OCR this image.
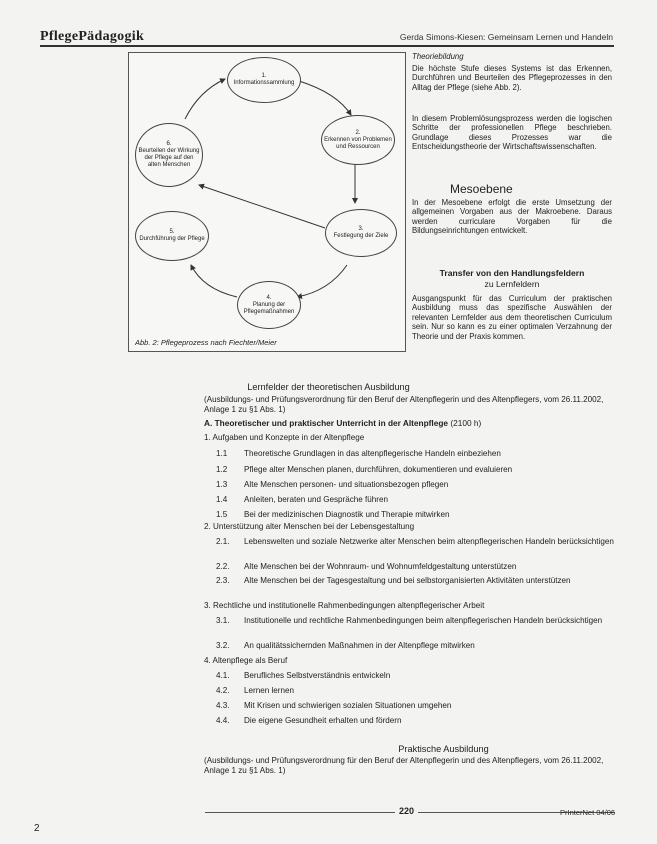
PflegePädagogik	Gerda Simons-Kiesen: Gemeinsam Lernen und Handeln
1.
Informationssammlung
2.
Erkennen von Problemen und Ressourcen
3.
Festlegung der Ziele
4.
Planung der Pflegemaßnahmen
5.
Durchführung der Pflege
6.
Beurteilen der Wirkung der Pflege auf den alten Menschen
Abb. 2: Pflegeprozess nach Fiechter/Meier
Theoriebildung
Die höchste Stufe dieses Systems ist das Erkennen, Durchführen und Beurteilen des Pflegeprozesses in den Alltag der Pflege (siehe Abb. 2).
In diesem Problemlösungsprozess werden die logischen Schritte der professionellen Pflege beschrieben. Grundlage dieses Prozesses war die Entscheidungstheorie der Wirtschaftswissenschaften.
Mesoebene
In der Mesoebene erfolgt die erste Umsetzung der allgemeinen Vorgaben aus der Makroebene. Daraus werden curriculare Vorgaben für die Bildungseinrichtungen entwickelt.
Transfer von den Handlungsfeldern
zu Lernfeldern
Ausgangspunkt für das Curriculum der praktischen Ausbildung muss das spezifische Auswählen der relevanten Lernfelder aus dem theoretischen Curriculum sein. Nur so kann es zu einer optimalen Verzahnung der Theorie und der Praxis kommen.
Lernfelder der theoretischen Ausbildung
(Ausbildungs- und Prüfungsverordnung für den Beruf der Altenpflegerin und des Altenpflegers, vom 26.11.2002, Anlage 1 zu §1 Abs. 1)
A. Theoretischer und praktischer Unterricht in der Altenpflege (2100 h)
1. Aufgaben und Konzepte in der Altenpflege
1.1 Theoretische Grundlagen in das altenpflegerische Handeln einbeziehen
1.2 Pflege alter Menschen planen, durchführen, dokumentieren und evaluieren
1.3 Alte Menschen personen- und situationsbezogen pflegen
1.4 Anleiten, beraten und Gespräche führen
1.5 Bei der medizinischen Diagnostik und Therapie mitwirken
2. Unterstützung alter Menschen bei der Lebensgestaltung
2.1.	Lebenswelten und soziale Netzwerke alter Menschen beim altenpflegerischen Handeln berücksichtigen
2.2. Alte Menschen bei der Wohnraum- und Wohnumfeldgestaltung unterstützen
2.3.	Alte Menschen bei der Tagesgestaltung und bei selbstorganisierten Aktivitäten unterstützen
3. Rechtliche und institutionelle Rahmenbedingungen altenpflegerischer Arbeit
3.1.	Institutionelle und rechtliche Rahmenbedingungen beim altenpflegerischen Handeln berücksichtigen
3.2. An qualitätssichernden Maßnahmen in der Altenpflege mitwirken
4. Altenpflege als Beruf
4.1. Berufliches Selbstverständnis entwickeln
4.2. Lernen lernen
4.3. Mit Krisen und schwierigen sozialen Situationen umgehen
4.4. Die eigene Gesundheit erhalten und fördern
Praktische Ausbildung
(Ausbildungs- und Prüfungsverordnung für den Beruf der Altenpflegerin und des Altenpflegers, vom 26.11.2002, Anlage 1 zu §1 Abs. 1)
220	PrInterNet 04/06
2
